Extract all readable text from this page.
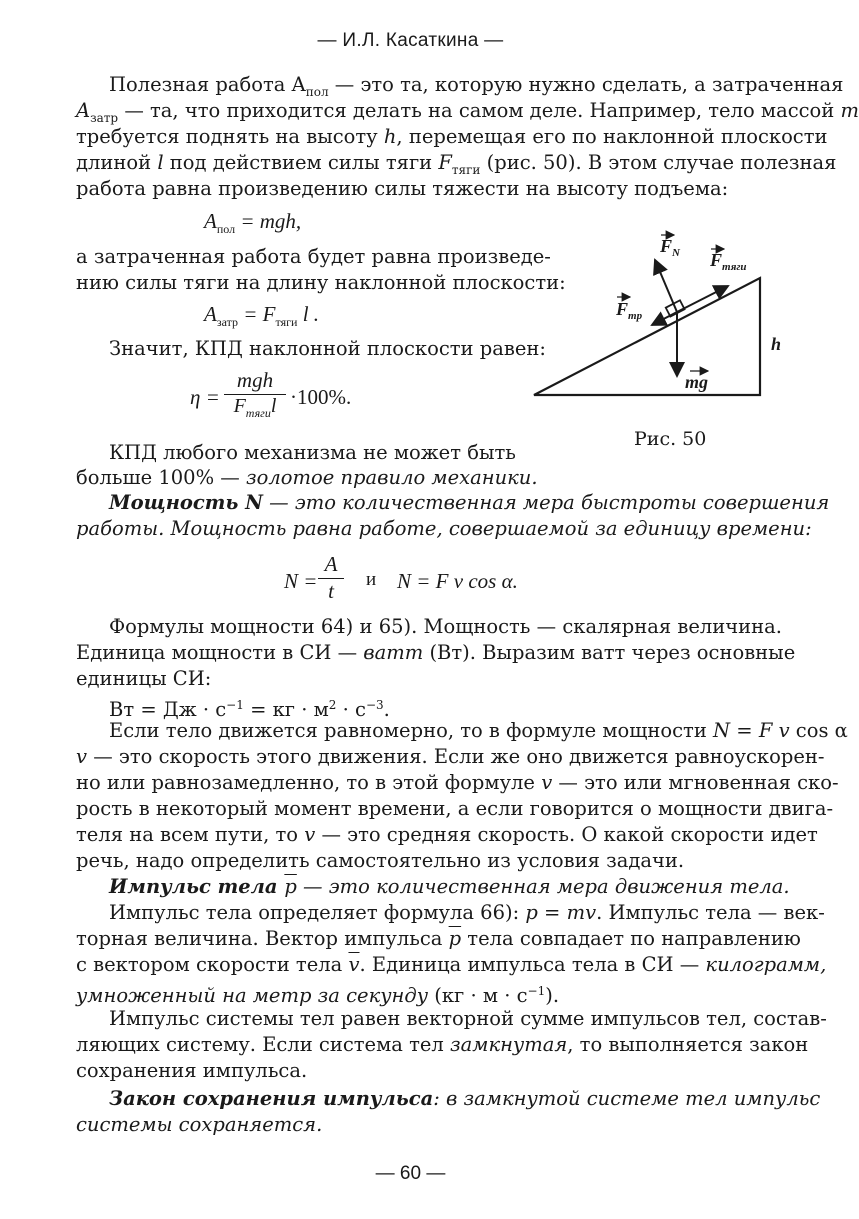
— И.Л. Касаткина —
Полезная работа $A_{пол}$ — это та, которую нужно сделать, а затраченная
$A_{затр}$ — та, что приходится делать на самом деле. Например, тело массой m
требуется поднять на высоту h, перемещая его по наклонной плоскости
длиной l под действием силы тяги $F_{тяги}$ (рис. 50). В этом случае полезная
работа равна произведению силы тяжести на высоту подъема:
$A_{пол}$ = mgh,
а затраченная работа будет равна произведе-
нию силы тяги на длину наклонной плоскости:
$A_{затр} = F_{тяги}$ l .
Значит, КПД наклонной плоскости равен:
η =
mgh
$F_{тяги}l \cdot 100\%$.
КПД любого механизма не может быть
больше 100% — золотое правило механики.
Мощность N — это количественная мера быстроты совершения
работы. Мощность равна работе, совершаемой за единицу времени:
N =
A
t	и N = F v cos α.
Формулы мощности 64) и 65). Мощность — скалярная величина.
Единица мощности в СИ — ватт (Вт). Выразим ватт через основные
единицы СИ:
Вт = Дж · $с^{-1}$ = кг · $м^2 \cdot с^{-3}$.
Если тело движется равномерно, то в формуле мощности N = F v cos α
v — это скорость этого движения. Если же оно движется равноускорен-
но или равнозамедленно, то в этой формуле v — это или мгновенная ско-
рость в некоторый момент времени, а если говорится о мощности двига-
теля на всем пути, то v — это средняя скорость. О какой скорости идет
речь, надо определить самостоятельно из условия задачи.
Импульс тела $\overline{p}$ — это количественная мера движения тела.
Импульс тела определяет формула 66): p = mv. Импульс тела — век-
торная величина. Вектор импульса $\overline{p}$ тела совпадает по направлению
с вектором скорости тела $\overline{v}$. Единица импульса тела в СИ — килограмм,
умноженный на метр за секунду $(кг \cdot м \cdot с^{-1})$.
Импульс системы тел равен векторной сумме импульсов тел, состав-
ляющих систему. Если система тел замкнутая, то выполняется закон
сохранения импульса.
Закон сохранения импульса: в замкнутой системе тел импульс
системы сохраняется.
$F_N$ $F_{тяги}$
$F_{тр}$
mg
h
Рис. 50
— 60 —
